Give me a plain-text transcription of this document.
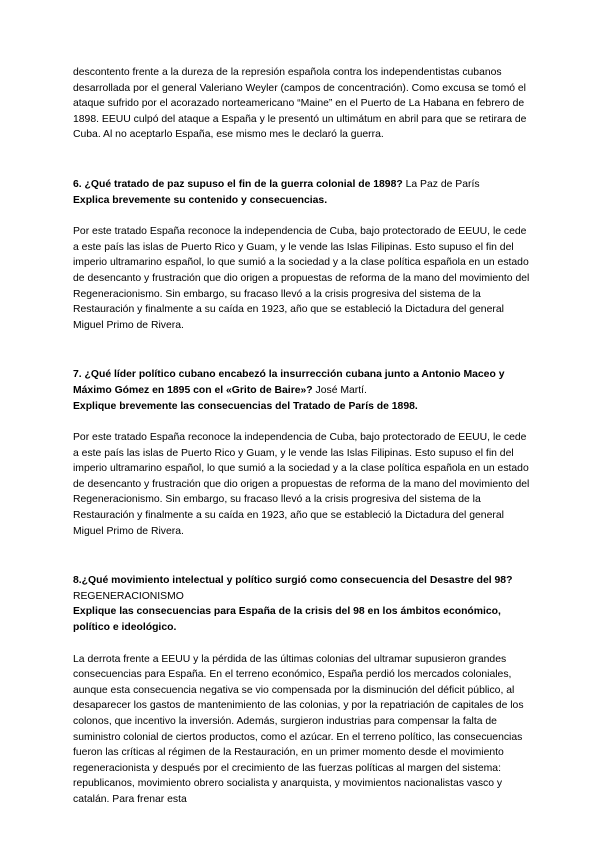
descontento frente a la dureza de la represión española contra los independentistas cubanos desarrollada por el general Valeriano Weyler (campos de concentración). Como excusa se tomó el ataque sufrido por el acorazado norteamericano “Maine” en el Puerto de La Habana en febrero de 1898. EEUU culpó del ataque a España y le presentó un ultimátum en abril para que se retirara de Cuba. Al no aceptarlo España, ese mismo mes le declaró la guerra.

6. ¿Qué tratado de paz supuso el fin de la guerra colonial de 1898? La Paz de París

Explica brevemente su contenido y consecuencias.

Por este tratado España reconoce la independencia de Cuba, bajo protectorado de EEUU, le cede a este país las islas de Puerto Rico y Guam, y le vende las Islas Filipinas. Esto supuso el fin del imperio ultramarino español, lo que sumió a la sociedad y a la clase política española en un estado de desencanto y frustración que dio origen a propuestas de reforma de la mano del movimiento del Regeneracionismo. Sin embargo, su fracaso llevó a la crisis progresiva del sistema de la Restauración y finalmente a su caída en 1923, año que se estableció la Dictadura del general Miguel Primo de Rivera.

7. ¿Qué líder político cubano encabezó la insurrección cubana junto a Antonio Maceo y Máximo Gómez en 1895 con el «Grito de Baire»? José Martí.

Explique brevemente las consecuencias del Tratado de París de 1898.

Por este tratado España reconoce la independencia de Cuba, bajo protectorado de EEUU, le cede a este país las islas de Puerto Rico y Guam, y le vende las Islas Filipinas. Esto supuso el fin del imperio ultramarino español, lo que sumió a la sociedad y a la clase política española en un estado de desencanto y frustración que dio origen a propuestas de reforma de la mano del movimiento del Regeneracionismo. Sin embargo, su fracaso llevó a la crisis progresiva del sistema de la Restauración y finalmente a su caída en 1923, año que se estableció la Dictadura del general Miguel Primo de Rivera.

8.¿Qué movimiento intelectual y político surgió como consecuencia del Desastre del 98? REGENERACIONISMO

Explique las consecuencias para España de la crisis del 98 en los ámbitos económico, político e ideológico.

La derrota frente a EEUU y la pérdida de las últimas colonias del ultramar supusieron grandes consecuencias para España. En el terreno económico, España perdió los mercados coloniales, aunque esta consecuencia negativa se vio compensada por la disminución del déficit público, al desaparecer los gastos de mantenimiento de las colonias, y por la repatriación de capitales de los colonos, que incentivo la inversión. Además, surgieron industrias para compensar la falta de suministro colonial de ciertos productos, como el azúcar. En el terreno político, las consecuencias fueron las críticas al régimen de la Restauración, en un primer momento desde el movimiento regeneracionista y después por el crecimiento de las fuerzas políticas al margen del sistema: republicanos, movimiento obrero socialista y anarquista, y movimientos nacionalistas vasco y catalán. Para frenar esta
